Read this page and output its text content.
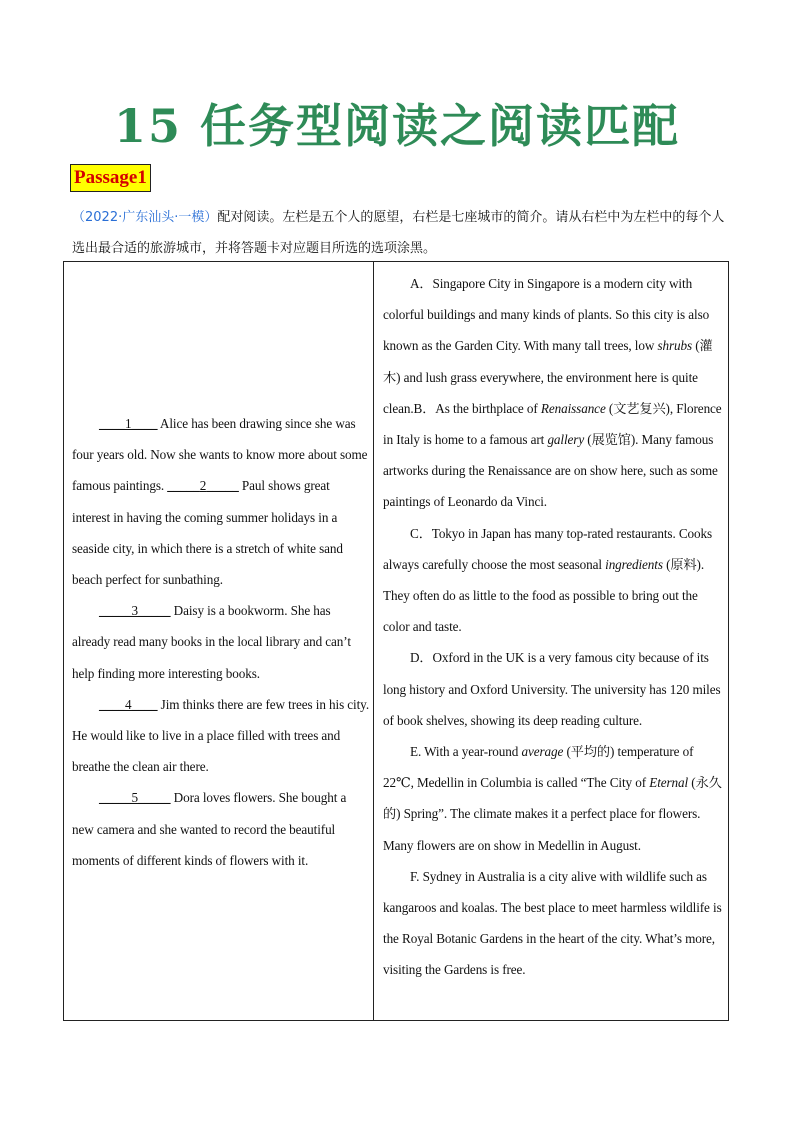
15 任务型阅读之阅读匹配
Passage1
（2022·广东汕头·一模）配对阅读。左栏是五个人的愿望，右栏是七座城市的简介。请从右栏中为左栏中的每个人选出最合适的旅游城市，并将答题卡对应题目所选的选项涂黑。

____1____ Alice has been drawing since she was four years old. Now she wants to know more about some famous paintings. _____2_____ Paul shows great interest in having the coming summer holidays in a seaside city, in which there is a stretch of white sand beach perfect for sunbathing.

_____3_____ Daisy is a bookworm. She has already read many books in the local library and can’t help finding more interesting books.

____4____ Jim thinks there are few trees in his city. He would like to live in a place filled with trees and breathe the clean air there.

_____5_____ Dora loves flowers. She bought a new camera and she wanted to record the beautiful moments of different kinds of flowers with it.

A．Singapore City in Singapore is a modern city with colorful buildings and many kinds of plants. So this city is also known as the Garden City. With many tall trees, low shrubs (灌木) and lush grass everywhere, the environment here is quite clean.B．As the birthplace of Renaissance (文艺复兴), Florence in Italy is home to a famous art gallery (展览馆). Many famous artworks during the Renaissance are on show here, such as some paintings of Leonardo da Vinci.

C．Tokyo in Japan has many top-rated restaurants. Cooks always carefully choose the most seasonal ingredients (原料). They often do as little to the food as possible to bring out the color and taste.

D．Oxford in the UK is a very famous city because of its long history and Oxford University. The university has 120 miles of book shelves, showing its deep reading culture.

E. With a year-round average (平均的) temperature of 22℃, Medellin in Columbia is called “The City of Eternal (永久的) Spring”. The climate makes it a perfect place for flowers. Many flowers are on show in Medellin in August.

F. Sydney in Australia is a city alive with wildlife such as kangaroos and koalas. The best place to meet harmless wildlife is the Royal Botanic Gardens in the heart of the city. What’s more, visiting the Gardens is free.
